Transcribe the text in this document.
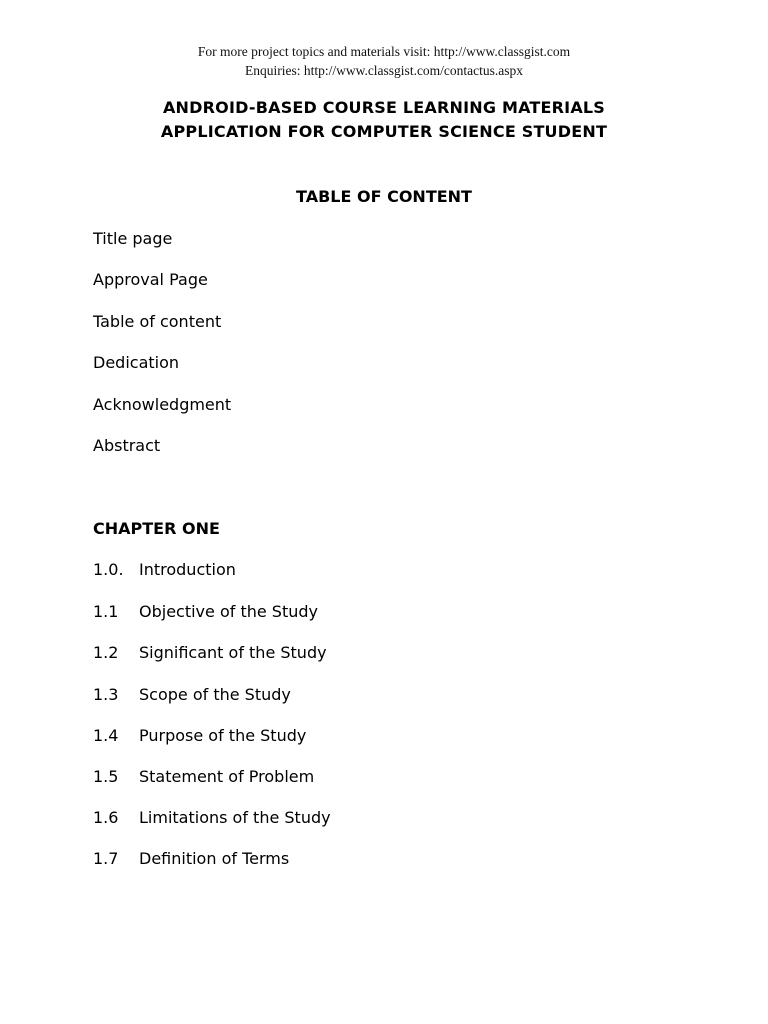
For more project topics and materials visit: http://www.classgist.com
Enquiries: http://www.classgist.com/contactus.aspx
ANDROID-BASED COURSE LEARNING MATERIALS
APPLICATION FOR COMPUTER SCIENCE STUDENT
TABLE OF CONTENT
Title page
Approval Page
Table of content
Dedication
Acknowledgment
Abstract
CHAPTER ONE
1.0. Introduction
1.1 Objective of the Study
1.2 Significant of the Study
1.3 Scope of the Study
1.4 Purpose of the Study
1.5 Statement of Problem
1.6 Limitations of the Study
1.7 Definition of Terms
